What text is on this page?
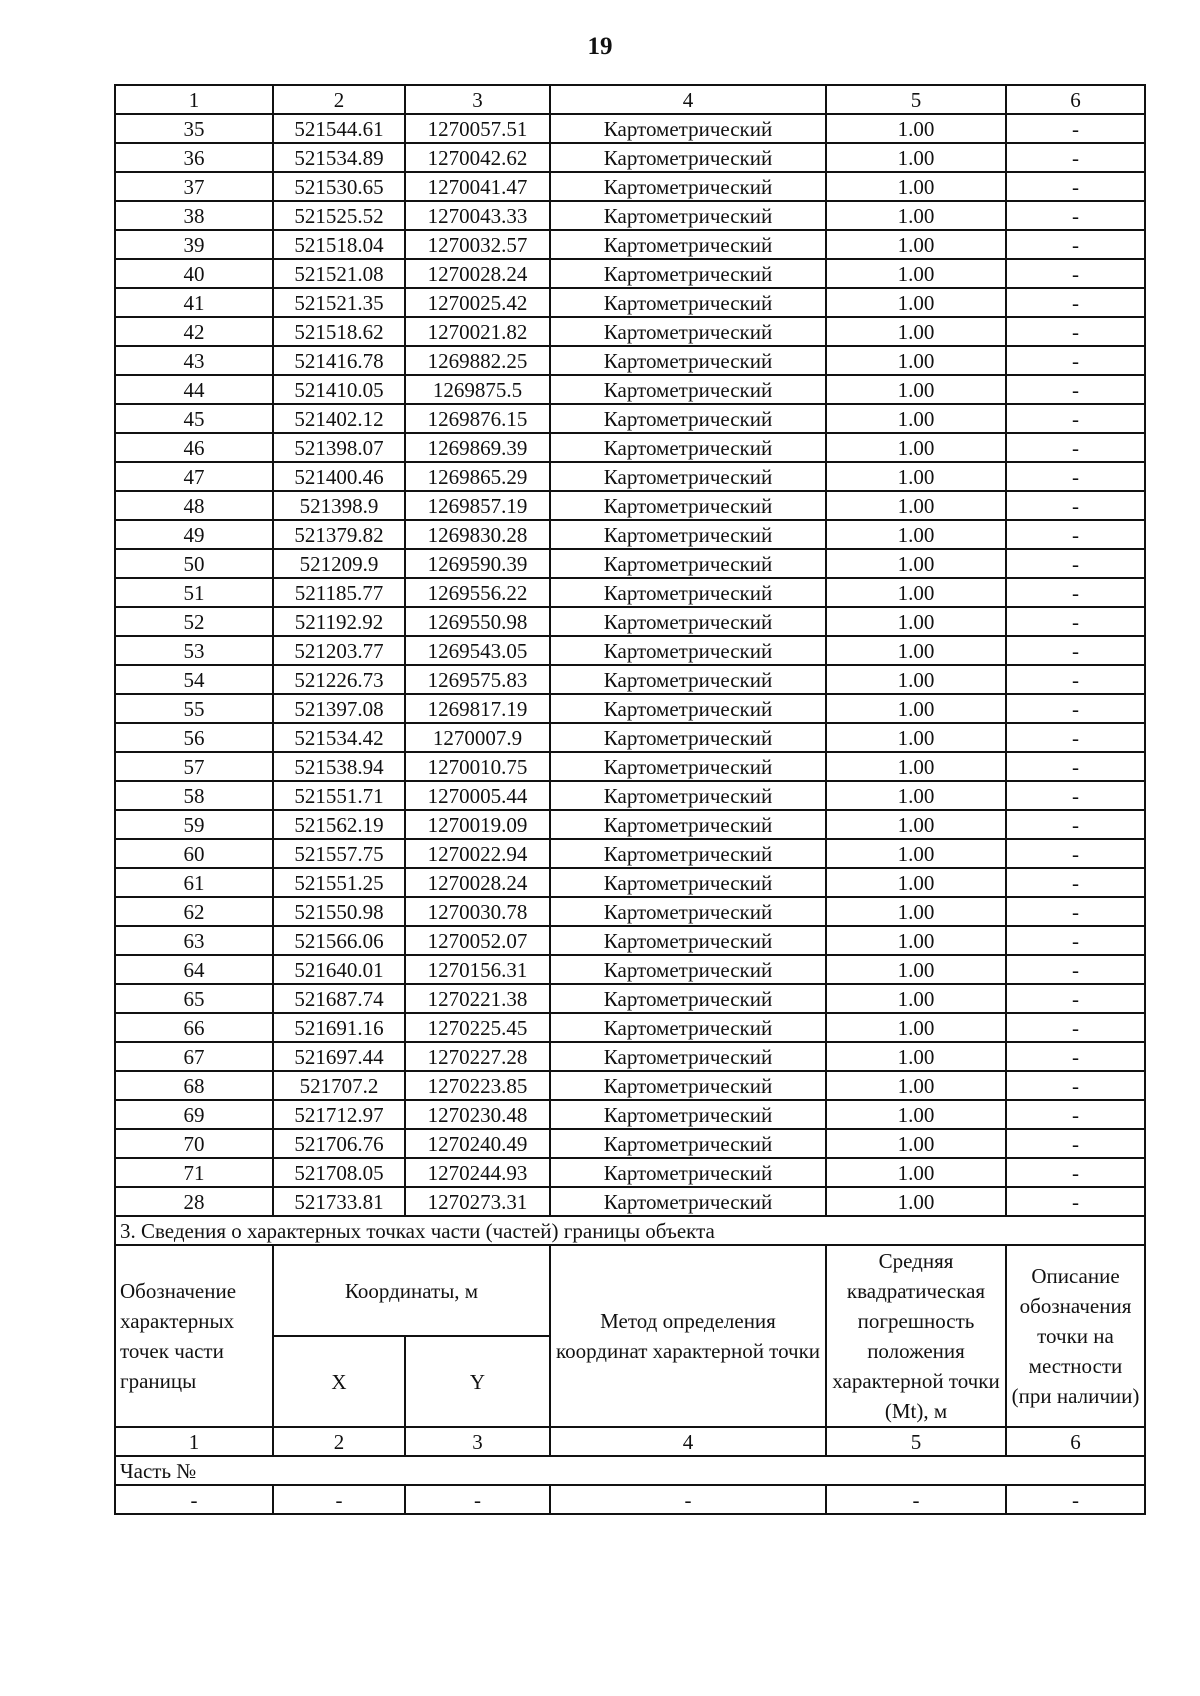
19
1	2	3	4	5	6
35	521544.61	1270057.51	Картометрический	1.00	-
36	521534.89	1270042.62	Картометрический	1.00	-
37	521530.65	1270041.47	Картометрический	1.00	-
38	521525.52	1270043.33	Картометрический	1.00	-
39	521518.04	1270032.57	Картометрический	1.00	-
40	521521.08	1270028.24	Картометрический	1.00	-
41	521521.35	1270025.42	Картометрический	1.00	-
42	521518.62	1270021.82	Картометрический	1.00	-
43	521416.78	1269882.25	Картометрический	1.00	-
44	521410.05	1269875.5	Картометрический	1.00	-
45	521402.12	1269876.15	Картометрический	1.00	-
46	521398.07	1269869.39	Картометрический	1.00	-
47	521400.46	1269865.29	Картометрический	1.00	-
48	521398.9	1269857.19	Картометрический	1.00	-
49	521379.82	1269830.28	Картометрический	1.00	-
50	521209.9	1269590.39	Картометрический	1.00	-
51	521185.77	1269556.22	Картометрический	1.00	-
52	521192.92	1269550.98	Картометрический	1.00	-
53	521203.77	1269543.05	Картометрический	1.00	-
54	521226.73	1269575.83	Картометрический	1.00	-
55	521397.08	1269817.19	Картометрический	1.00	-
56	521534.42	1270007.9	Картометрический	1.00	-
57	521538.94	1270010.75	Картометрический	1.00	-
58	521551.71	1270005.44	Картометрический	1.00	-
59	521562.19	1270019.09	Картометрический	1.00	-
60	521557.75	1270022.94	Картометрический	1.00	-
61	521551.25	1270028.24	Картометрический	1.00	-
62	521550.98	1270030.78	Картометрический	1.00	-
63	521566.06	1270052.07	Картометрический	1.00	-
64	521640.01	1270156.31	Картометрический	1.00	-
65	521687.74	1270221.38	Картометрический	1.00	-
66	521691.16	1270225.45	Картометрический	1.00	-
67	521697.44	1270227.28	Картометрический	1.00	-
68	521707.2	1270223.85	Картометрический	1.00	-
69	521712.97	1270230.48	Картометрический	1.00	-
70	521706.76	1270240.49	Картометрический	1.00	-
71	521708.05	1270244.93	Картометрический	1.00	-
28	521733.81	1270273.31	Картометрический	1.00	-
3. Сведения о характерных точках части (частей) границы объекта					

Обозначение
характерных
точек части
границы	Координаты, м		Метод определения координат характерной точки	Средняя квадратическая погрешность положения характерной точки (Mt), м	Описание обозначения точки на местности (при наличии)
	X	Y			
1	2	3	4	5	6
Часть №					
-	-	-	-	-	-
